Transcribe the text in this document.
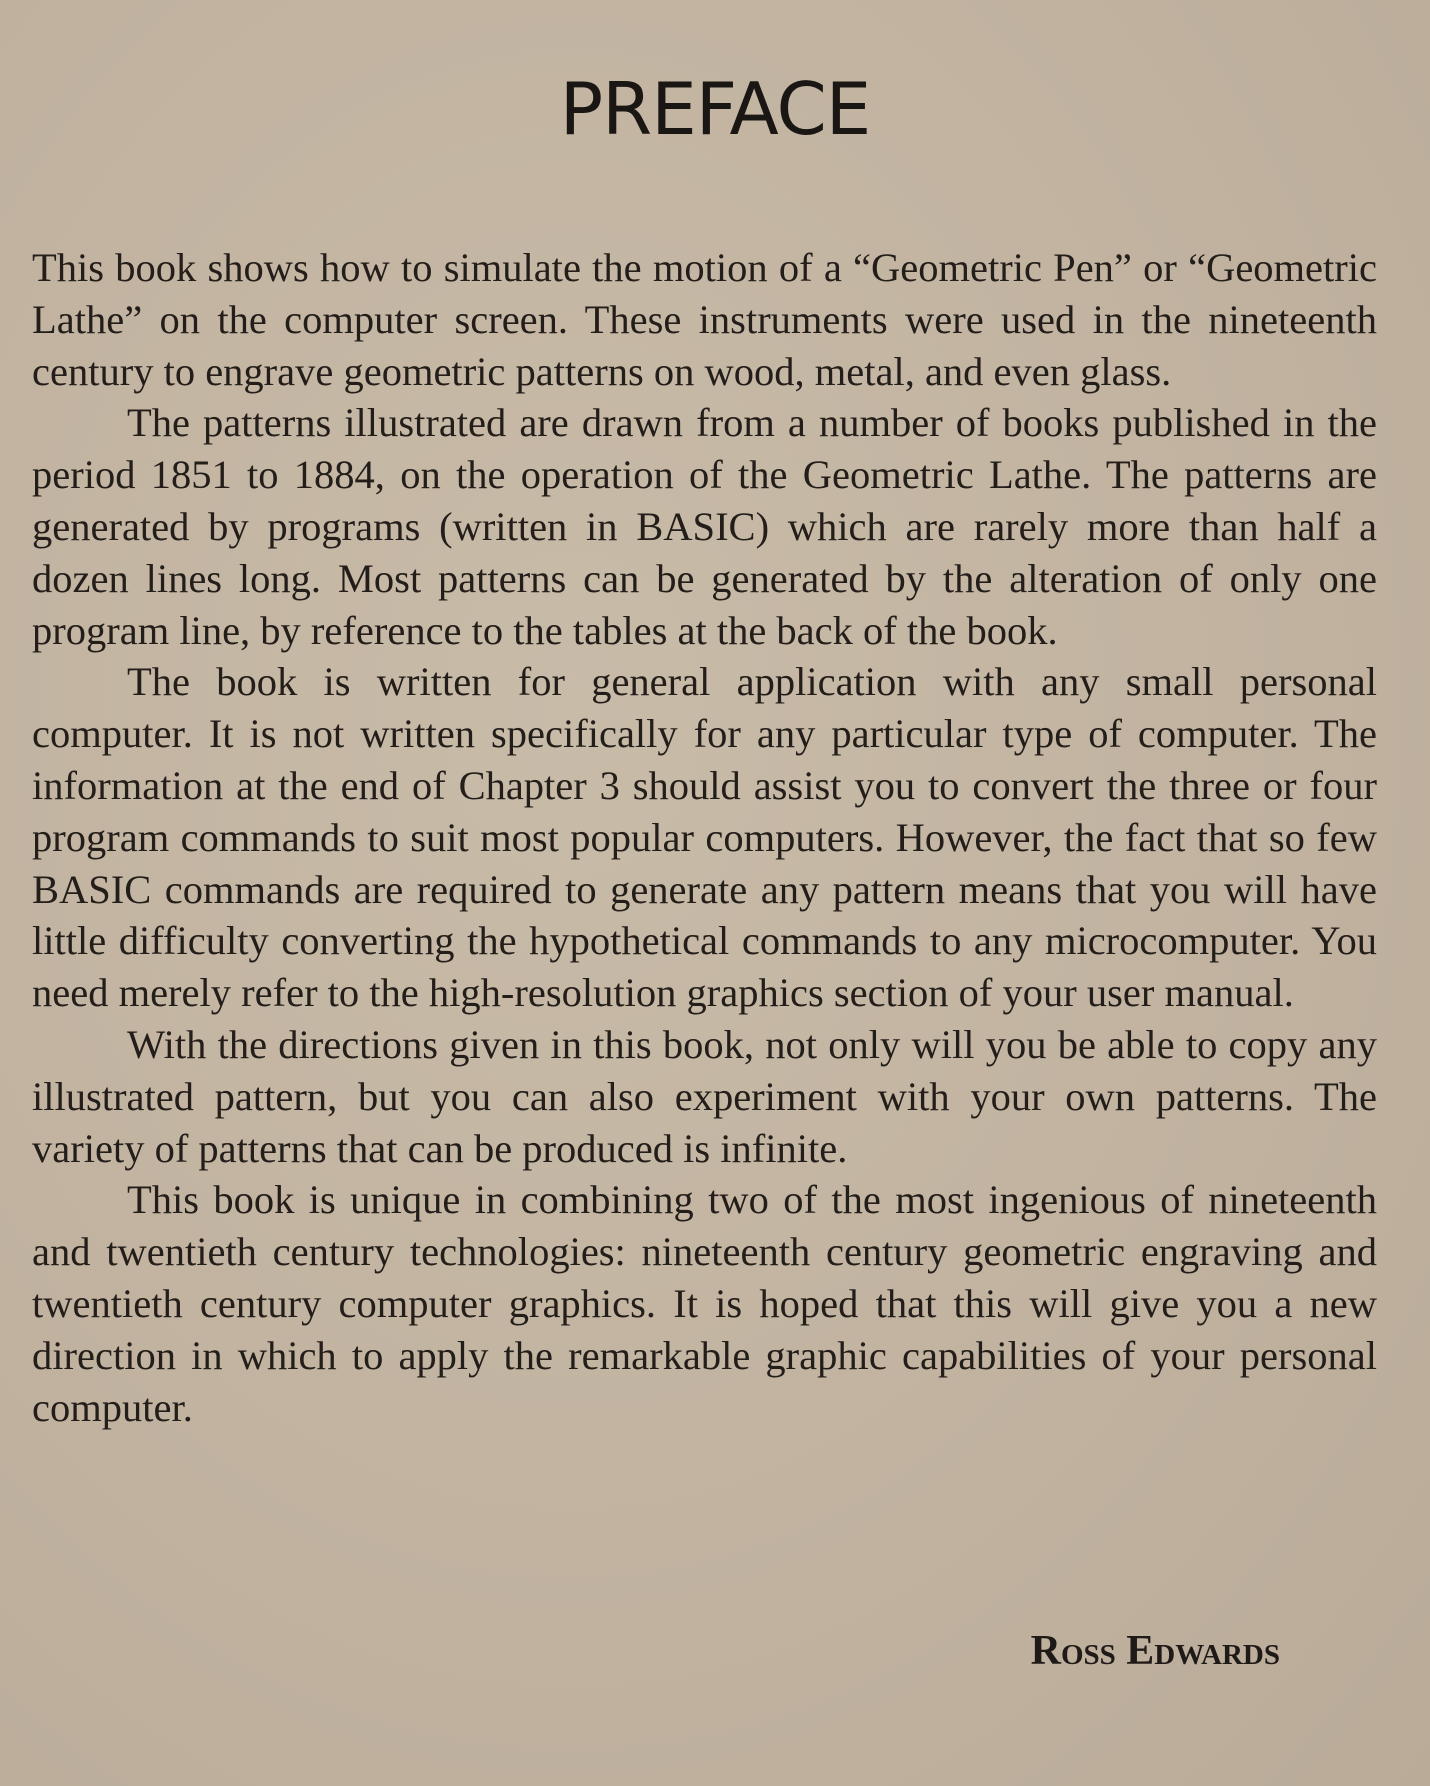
PREFACE

This book shows how to simulate the motion of a “Geometric Pen” or “Geometric Lathe” on the computer screen. These instruments were used in the nineteenth century to engrave geometric patterns on wood, metal, and even glass.

The patterns illustrated are drawn from a number of books published in the period 1851 to 1884, on the operation of the Geometric Lathe. The patterns are generated by programs (written in BASIC) which are rarely more than half a dozen lines long. Most patterns can be generated by the alteration of only one program line, by reference to the tables at the back of the book.

The book is written for general application with any small personal computer. It is not written specifically for any particular type of computer. The information at the end of Chapter 3 should assist you to convert the three or four program commands to suit most popular computers. However, the fact that so few BASIC commands are required to generate any pattern means that you will have little difficulty converting the hypothetical commands to any microcomputer. You need merely refer to the high-resolution graphics section of your user manual.

With the directions given in this book, not only will you be able to copy any illustrated pattern, but you can also experiment with your own patterns. The variety of patterns that can be produced is infinite.

This book is unique in combining two of the most ingenious of nineteenth and twentieth century technologies: nineteenth century geometric engraving and twentieth century computer graphics. It is hoped that this will give you a new direction in which to apply the remarkable graphic capabilities of your personal computer.

Ross Edwards
